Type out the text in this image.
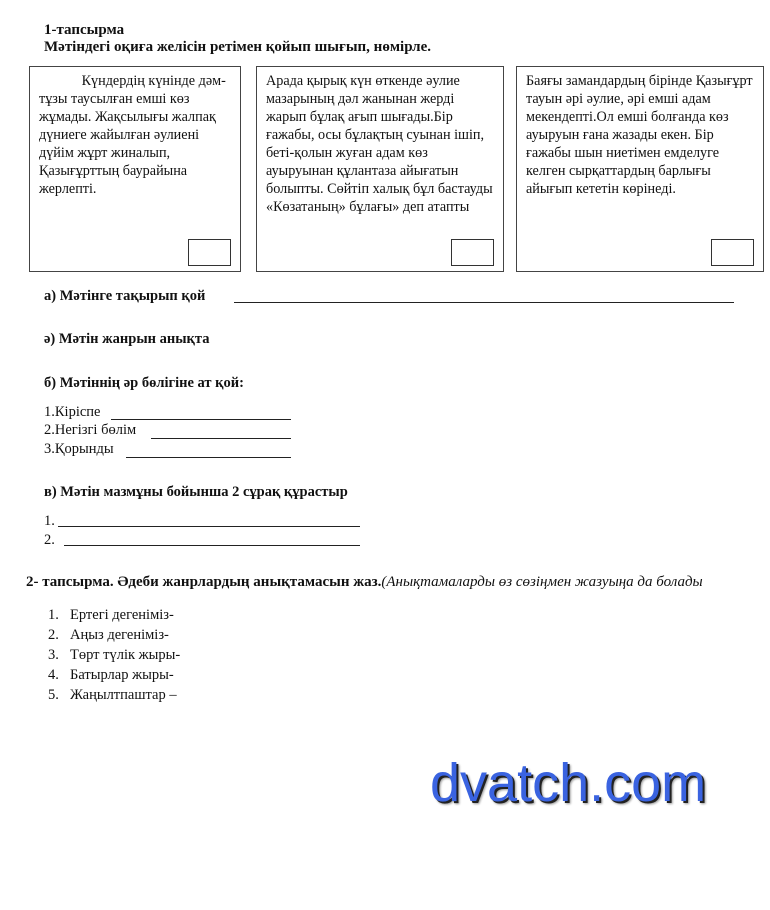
1-тапсырма
Мәтіндегі оқиға желісін ретімен қойып шығып, нөмірле.
Күндердің күнінде дәм-тұзы таусылған емші көз жұмады. Жақсылығы жалпақ дүниеге жайылған әулиені дүйім жұрт жиналып, Қазығұрттың баурайына жерлепті.
Арада қырық күн өткенде әулие мазарының дәл жанынан жерді жарып бұлақ ағып шығады.Бір ғажабы, осы бұлақтың суынан ішіп, беті-қолын жуған адам көз ауыруынан құлантаза айығатын болыпты. Сөйтіп халық бұл бастауды «Көзатаның» бұлағы» деп атапты
Баяғы замандардың бірінде Қазығұрт тауын әрі әулие, әрі емші адам мекендепті.Ол емші болғанда көз ауыруын ғана жазады екен. Бір ғажабы шын ниетімен емделуге келген сырқаттардың барлығы айығып кететін көрінеді.
а) Мәтінге тақырып қой
ә) Мәтін жанрын анықта
б) Мәтіннің әр бөлігіне ат қой:
1.Кіріспе
2.Негізгі бөлім
3.Қорынды
в) Мәтін мазмұны бойынша 2 сұрақ құрастыр
1.
2.
2- тапсырма. Әдеби жанрлардың анықтамасын жаз.(Анықтамаларды өз сөзіңмен жазуыңа да болады
1. Ертегі дегеніміз-
2. Аңыз дегеніміз-
3. Төрт түлік жыры-
4. Батырлар жыры-
5. Жаңылтпаштар –
dvatch.com
